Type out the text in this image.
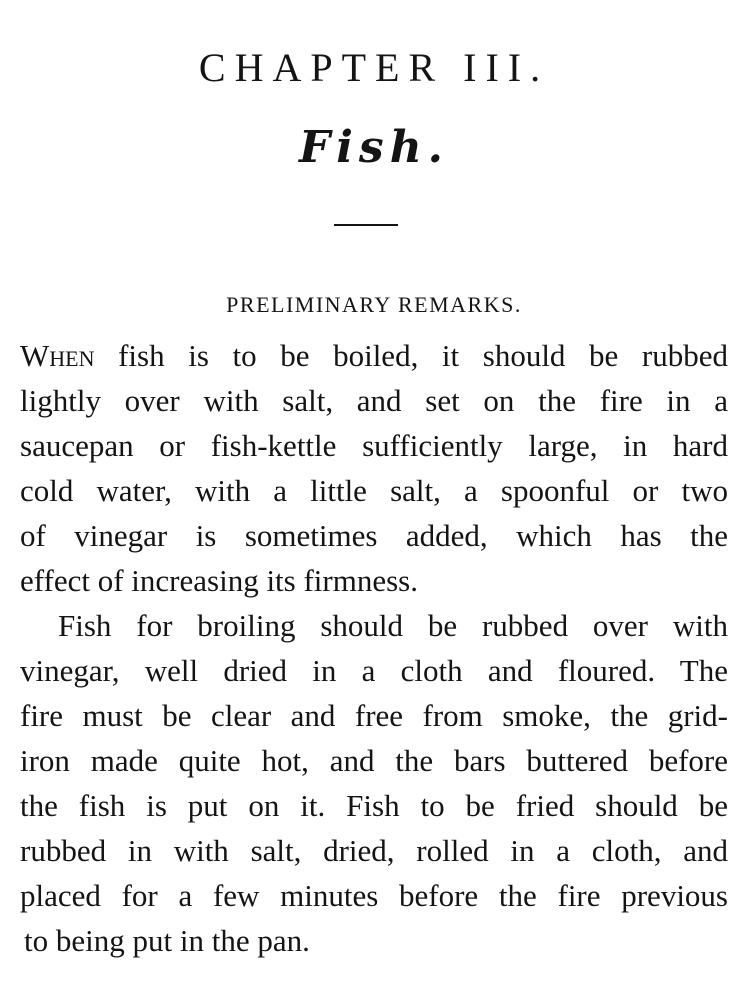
CHAPTER III.
Fish.
PRELIMINARY REMARKS.
When fish is to be boiled, it should be rubbed
lightly over with salt, and set on the fire in a
saucepan or fish-kettle sufficiently large, in hard
cold water, with a little salt, a spoonful or two
of vinegar is sometimes added, which has the
effect of increasing its firmness.
Fish for broiling should be rubbed over with
vinegar, well dried in a cloth and floured. The
fire must be clear and free from smoke, the grid-
iron made quite hot, and the bars buttered before
the fish is put on it. Fish to be fried should be
rubbed in with salt, dried, rolled in a cloth, and
placed for a few minutes before the fire previous
to being put in the pan.
